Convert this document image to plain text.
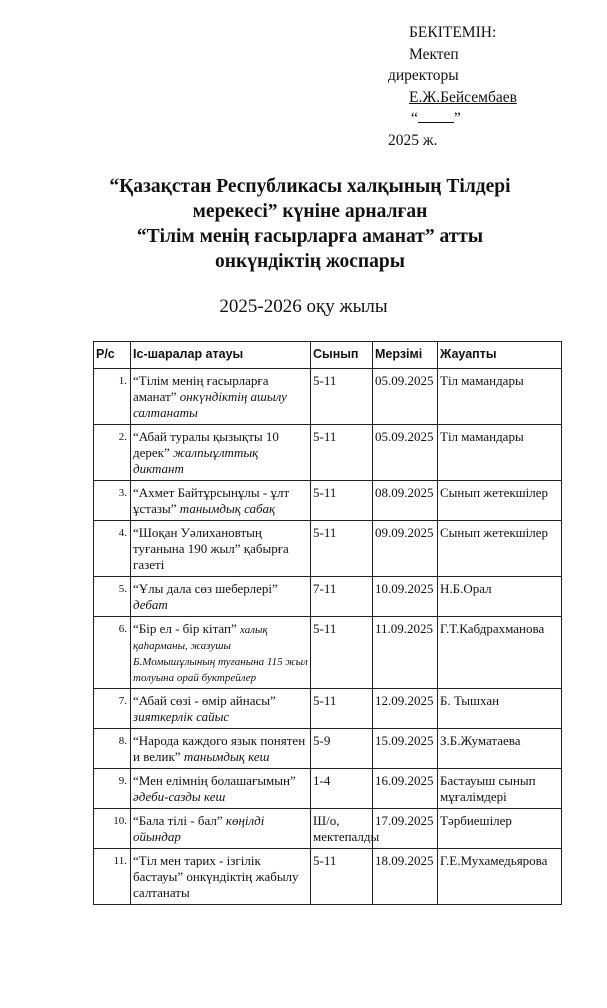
БЕКІТЕМІН:
Мектеп
директоры
Е.Ж.Бейсембаев
“ ”
2025 ж.
“Қазақстан Республикасы халқының Тілдері
мерекесі” күніне арналған
“Тілім менің ғасырларға аманат” атты
онкүндіктің жоспары
2025-2026 оқу жылы
Р/с	Іс-шаралар атауы	Сынып	Мерзімі	Жауапты
1.	“Тілім менің ғасырларға аманат” онкүндіктің ашылу салтанаты	5-11	05.09.2025	Тіл мамандары
2.	“Абай туралы қызықты 10 дерек” жалпыұлттық диктант	5-11	05.09.2025	Тіл мамандары
3.	“Ахмет Байтұрсынұлы - ұлт ұстазы” танымдық сабақ	5-11	08.09.2025	Сынып жетекшілер
4.	“Шоқан Уәлихановтың туғанына 190 жыл” қабырға газеті	5-11	09.09.2025	Сынып жетекшілер
5.	“Ұлы дала сөз шеберлері” дебат	7-11	10.09.2025	Н.Б.Орал
6.	“Бір ел - бір кітап” халық қаһарманы, жазушы Б.Момышұлының туғанына 115 жыл толуына орай буктрейлер	5-11	11.09.2025	Г.Т.Кабдрахманова
7.	“Абай сөзі - өмір айнасы” зияткерлік сайыс	5-11	12.09.2025	Б. Тышхан
8.	“Народа каждого язык понятен и велик” танымдық кеш	5-9	15.09.2025	З.Б.Жуматаева
9.	“Мен елімнің болашағымын” әдеби-сазды кеш	1-4	16.09.2025	Бастауыш сынып мұғалімдері
10.	“Бала тілі - бал” көңілді ойындар	Ш/о, мектепалды	17.09.2025	Тәрбиешілер
11.	“Тіл мен тарих - ізгілік бастауы” онкүндіктің жабылу салтанаты	5-11	18.09.2025	Г.Е.Мухамедьярова
